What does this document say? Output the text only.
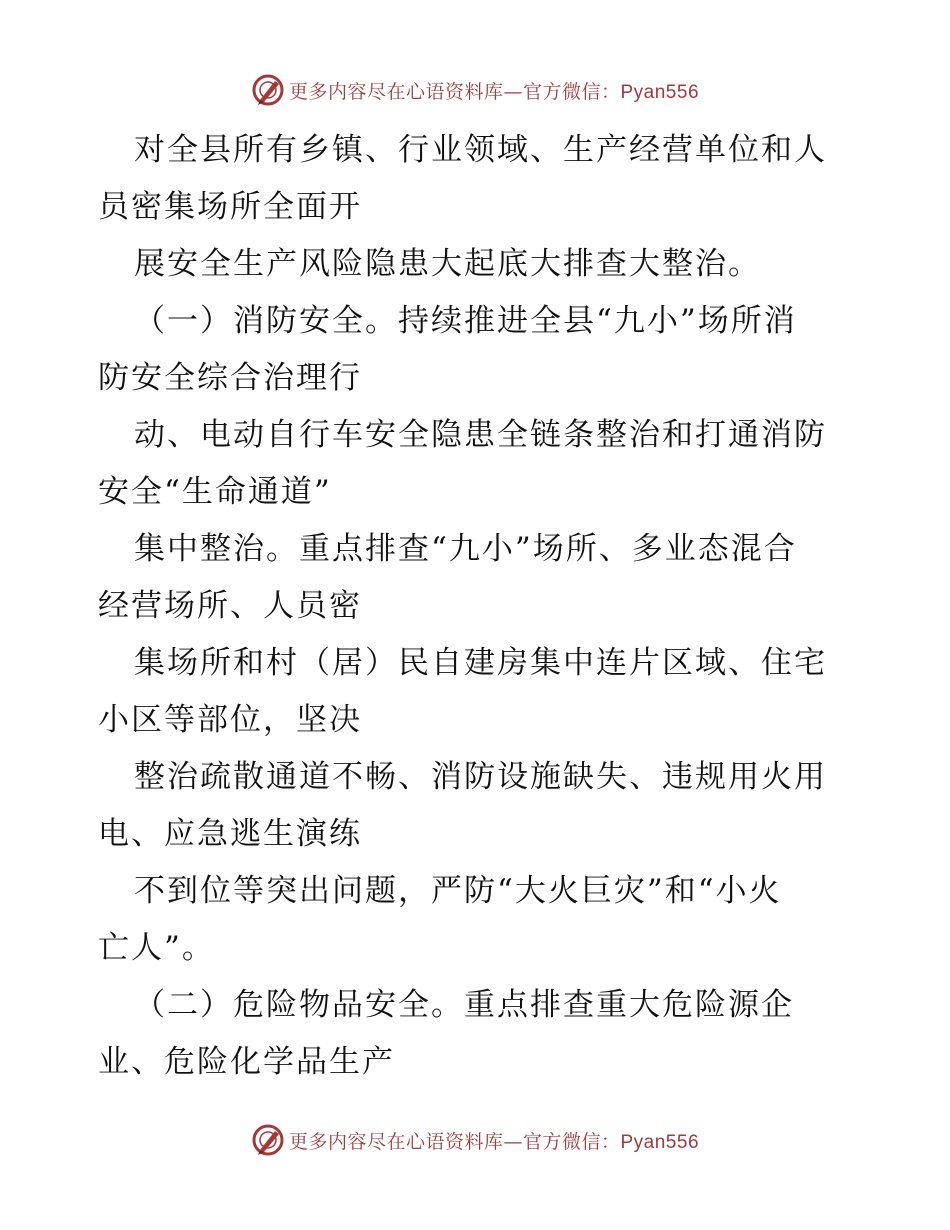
更多内容尽在心语资料库—官方微信：Pyan556
对全县所有乡镇、行业领域、生产经营单位和人
员密集场所全面开
展安全生产风险隐患大起底大排查大整治。
（一）消防安全。持续推进全县“九小”场所消
防安全综合治理行
动、电动自行车安全隐患全链条整治和打通消防
安全“生命通道”
集中整治。重点排查“九小”场所、多业态混合
经营场所、人员密
集场所和村（居）民自建房集中连片区域、住宅
小区等部位，坚决
整治疏散通道不畅、消防设施缺失、违规用火用
电、应急逃生演练
不到位等突出问题，严防“大火巨灾”和“小火
亡人”。
（二）危险物品安全。重点排查重大危险源企
业、危险化学品生产
更多内容尽在心语资料库—官方微信：Pyan556
